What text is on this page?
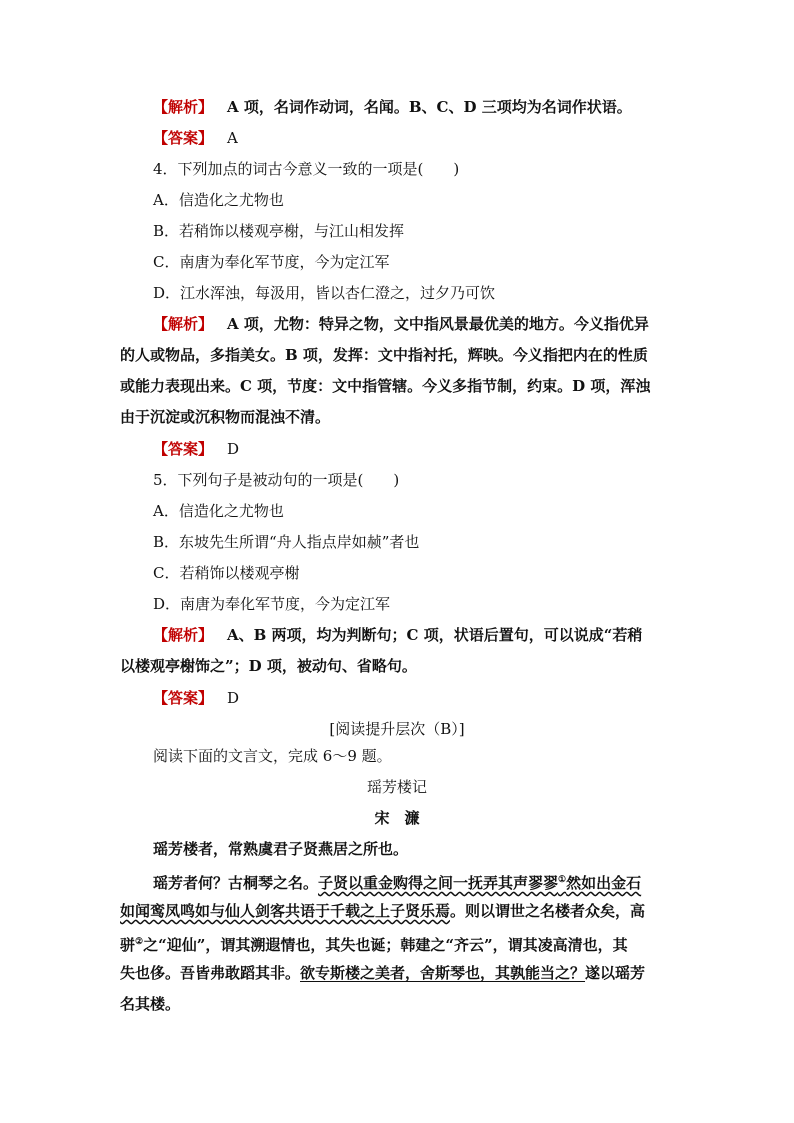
【解析】 A 项，名词作动词，名闻。B、C、D 三项均为名词作状语。
【答案】 A
4．下列加点的词古今意义一致的一项是(　　)
A．信造化之尤物也
B．若稍饰以楼观亭榭，与江山相发挥
C．南唐为奉化军节度，今为定江军
D．江水浑浊，每汲用，皆以杏仁澄之，过夕乃可饮
【解析】 A 项，尤物：特异之物，文中指风景最优美的地方。今义指优异
的人或物品，多指美女。B 项，发挥：文中指衬托，辉映。今义指把内在的性质
或能力表现出来。C 项，节度：文中指管辖。今义多指节制，约束。D 项，浑浊
由于沉淀或沉积物而混浊不清。
【答案】 D
5．下列句子是被动句的一项是(　　)
A．信造化之尤物也
B．东坡先生所谓“舟人指点岸如赪”者也
C．若稍饰以楼观亭榭
D．南唐为奉化军节度，今为定江军
【解析】 A、B 两项，均为判断句；C 项，状语后置句，可以说成“若稍
以楼观亭榭饰之”；D 项，被动句、省略句。
【答案】 D
[阅读提升层次（B）]
阅读下面的文言文，完成 6～9 题。
瑶芳楼记
宋　濂
瑶芳楼者，常熟虞君子贤燕居之所也。
瑶芳者何？古桐琴之名。子贤以重金购得之间一抚弄其声翏翏①然如出金石
如闻鸾凤鸣如与仙人剑客共语于千载之上子贤乐焉。则以谓世之名楼者众矣，高
骈②之“迎仙”，谓其溯遐情也，其失也诞；韩建之“齐云”，谓其凌高清也，其
失也侈。吾皆弗敢蹈其非。欲专斯楼之美者，舍斯琴也，其孰能当之？遂以瑶芳
名其楼。
